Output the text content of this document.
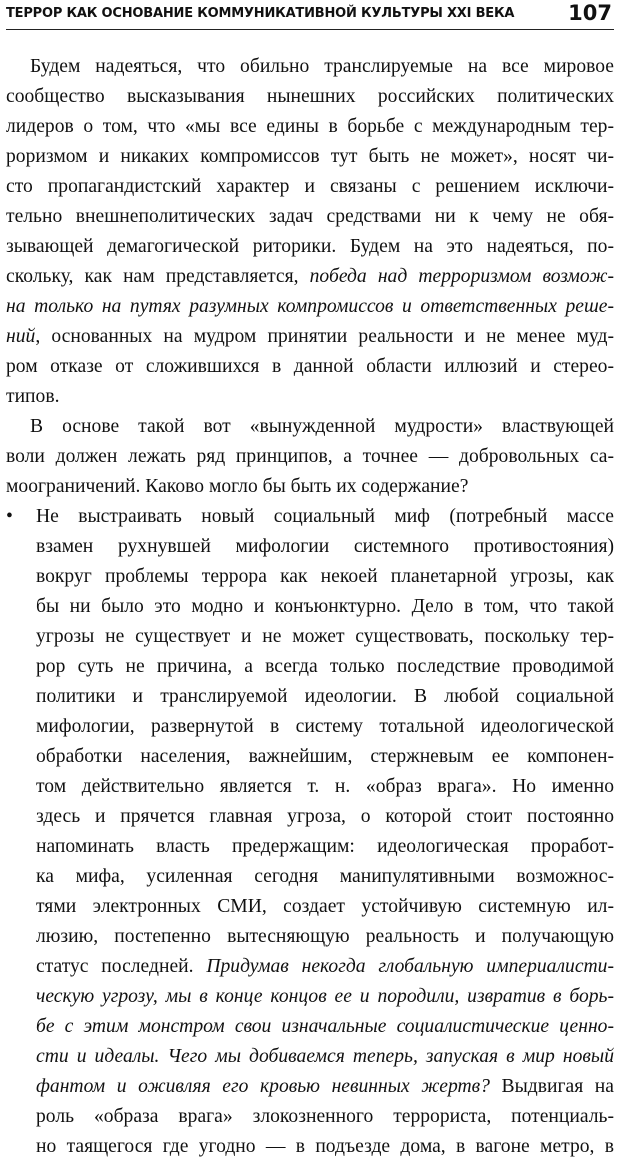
ТЕРРОР КАК ОСНОВАНИЕ КОММУНИКАТИВНОЙ КУЛЬТУРЫ XXI ВЕКА	107
Будем надеяться, что обильно транслируемые на все мировое
сообщество высказывания нынешних российских политических
лидеров о том, что «мы все едины в борьбе с международным тер-
роризмом и никаких компромиссов тут быть не может», носят чи-
сто пропагандистский характер и связаны с решением исключи-
тельно внешнеполитических задач средствами ни к чему не обя-
зывающей демагогической риторики. Будем на это надеяться, по-
скольку, как нам представляется, победа над терроризмом возмож-
на только на путях разумных компромиссов и ответственных реше-
ний, основанных на мудром принятии реальности и не менее муд-
ром отказе от сложившихся в данной области иллюзий и стерео-
типов.
В основе такой вот «вынужденной мудрости» властвующей
воли должен лежать ряд принципов, а точнее — добровольных са-
моограничений. Каково могло бы быть их содержание?
• Не выстраивать новый социальный миф (потребный массе
взамен рухнувшей мифологии системного противостояния)
вокруг проблемы террора как некоей планетарной угрозы, как
бы ни было это модно и конъюнктурно. Дело в том, что такой
угрозы не существует и не может существовать, поскольку тер-
рор суть не причина, а всегда только последствие проводимой
политики и транслируемой идеологии. В любой социальной
мифологии, развернутой в систему тотальной идеологической
обработки населения, важнейшим, стержневым ее компонен-
том действительно является т. н. «образ врага». Но именно
здесь и прячется главная угроза, о которой стоит постоянно
напоминать власть предержащим: идеологическая проработ-
ка мифа, усиленная сегодня манипулятивными возможнос-
тями электронных СМИ, создает устойчивую системную ил-
люзию, постепенно вытесняющую реальность и получающую
статус последней. Придумав некогда глобальную империалисти-
ческую угрозу, мы в конце концов ее и породили, извратив в борь-
бе с этим монстром свои изначальные социалистические ценно-
сти и идеалы. Чего мы добиваемся теперь, запуская в мир новый
фантом и оживляя его кровью невинных жертв? Выдвигая на
роль «образа врага» злокозненного террориста, потенциаль-
но таящегося где угодно — в подъезде дома, в вагоне метро, в
